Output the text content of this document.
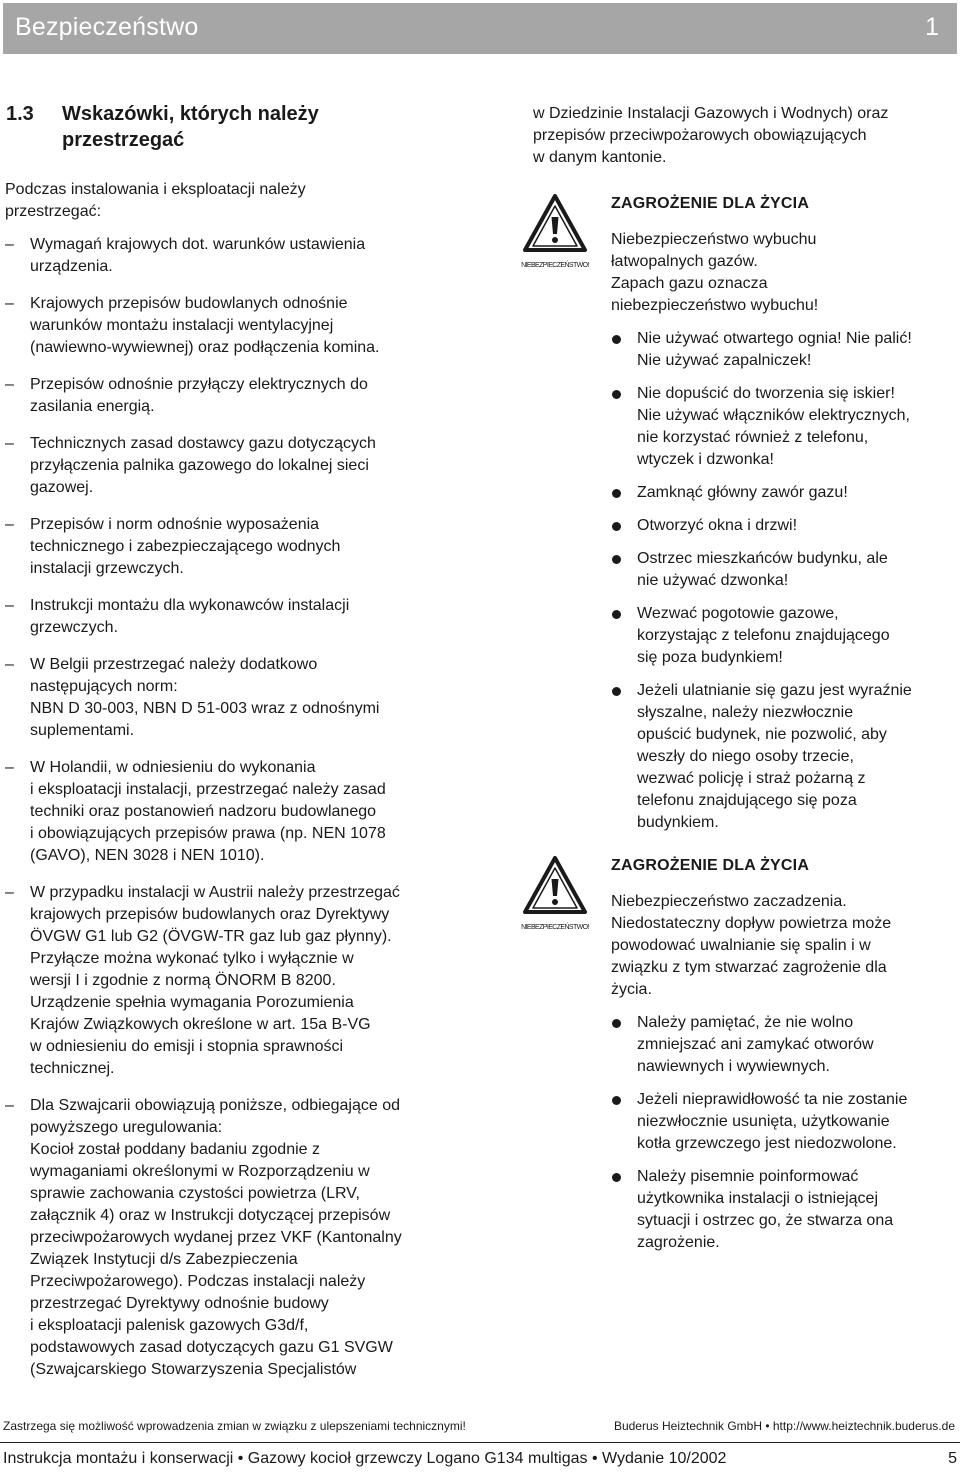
Bezpieczeństwo	1
1.3 Wskazówki, których należy przestrzegać

Podczas instalowania i eksploatacji należy przestrzegać:

– Wymagań krajowych dot. warunków ustawienia
urządzenia.
– Krajowych przepisów budowlanych odnośnie
warunków montażu instalacji wentylacyjnej
(nawiewno-wywiewnej) oraz podłączenia komina.
– Przepisów odnośnie przyłączy elektrycznych do
zasilania energią.
– Technicznych zasad dostawcy gazu dotyczących
przyłączenia palnika gazowego do lokalnej sieci
gazowej.
– Przepisów i norm odnośnie wyposażenia
technicznego i zabezpieczającego wodnych
instalacji grzewczych.
– Instrukcji montażu dla wykonawców instalacji
grzewczych.
– W Belgii przestrzegać należy dodatkowo
następujących norm:
NBN D 30-003, NBN D 51-003 wraz z odnośnymi
suplementami.
– W Holandii, w odniesieniu do wykonania
i eksploatacji instalacji, przestrzegać należy zasad
techniki oraz postanowień nadzoru budowlanego
i obowiązujących przepisów prawa (np. NEN 1078
(GAVO), NEN 3028 i NEN 1010).
– W przypadku instalacji w Austrii należy przestrzegać
krajowych przepisów budowlanych oraz Dyrektywy
ÖVGW G1 lub G2 (ÖVGW-TR gaz lub gaz płynny).
Przyłącze można wykonać tylko i wyłącznie w
wersji I i zgodnie z normą ÖNORM B 8200.
Urządzenie spełnia wymagania Porozumienia
Krajów Związkowych określone w art. 15a B-VG
w odniesieniu do emisji i stopnia sprawności
technicznej.
– Dla Szwajcarii obowiązują poniższe, odbiegające od
powyższego uregulowania:
Kocioł został poddany badaniu zgodnie z
wymaganiami określonymi w Rozporządzeniu w
sprawie zachowania czystości powietrza (LRV,
załącznik 4) oraz w Instrukcji dotyczącej przepisów
przeciwpożarowych wydanej przez VKF (Kantonalny
Związek Instytucji d/s Zabezpieczenia
Przeciwpożarowego). Podczas instalacji należy
przestrzegać Dyrektywy odnośnie budowy
i eksploatacji palenisk gazowych G3d/f,
podstawowych zasad dotyczących gazu G1 SVGW
(Szwajcarskiego Stowarzyszenia Specjalistów

w Dziedzinie Instalacji Gazowych i Wodnych) oraz
przepisów przeciwpożarowych obowiązujących
w danym kantonie.

NIEBEZPIECZEŃSTWO!
ZAGROŻENIE DLA ŻYCIA

Niebezpieczeństwo wybuchu
łatwopalnych gazów.
Zapach gazu oznacza
niebezpieczeństwo wybuchu!

Nie używać otwartego ognia! Nie palić!
Nie używać zapalniczek!
Nie dopuścić do tworzenia się iskier!
Nie używać włączników elektrycznych,
nie korzystać również z telefonu,
wtyczek i dzwonka!
Zamknąć główny zawór gazu!
Otworzyć okna i drzwi!
Ostrzec mieszkańców budynku, ale
nie używać dzwonka!
Wezwać pogotowie gazowe,
korzystając z telefonu znajdującego
się poza budynkiem!
Jeżeli ulatnianie się gazu jest wyraźnie
słyszalne, należy niezwłocznie
opuścić budynek, nie pozwolić, aby
weszły do niego osoby trzecie,
wezwać policję i straż pożarną z
telefonu znajdującego się poza
budynkiem.
NIEBEZPIECZEŃSTWO!
ZAGROŻENIE DLA ŻYCIA

Niebezpieczeństwo zaczadzenia.
Niedostateczny dopływ powietrza może
powodować uwalnianie się spalin i w
związku z tym stwarzać zagrożenie dla
życia.

Należy pamiętać, że nie wolno
zmniejszać ani zamykać otworów
nawiewnych i wywiewnych.
Jeżeli nieprawidłowość ta nie zostanie
niezwłocznie usunięta, użytkowanie
kotła grzewczego jest niedozwolone.
Należy pisemnie poinformować
użytkownika instalacji o istniejącej
sytuacji i ostrzec go, że stwarza ona
zagrożenie.
Zastrzega się możliwość wprowadzenia zmian w związku z ulepszeniami technicznymi!	Buderus Heiztechnik GmbH • http://www.heiztechnik.buderus.de
Instrukcja montażu i konserwacji • Gazowy kocioł grzewczy Logano G134 multigas • Wydanie 10/2002	5
